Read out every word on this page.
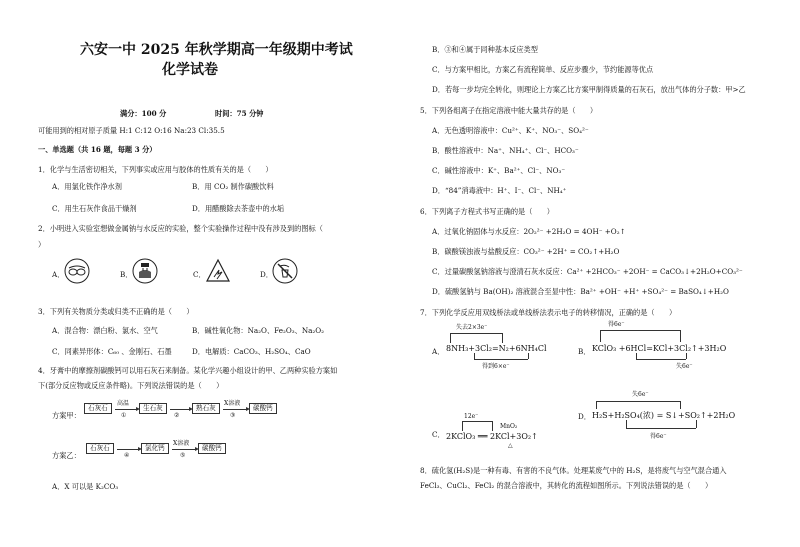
六安一中 2025 年秋学期高一年级期中考试
化学试卷
满分：100 分	时间：75 分钟
可能用到的相对原子质量 H:1 C:12 O:16 Na:23 Cl:35.5
一、单选题（共 16 题，每题 3 分）
1．化学与生活密切相关，下列事实或应用与胶体的性质有关的是（　　）
A．用氯化铁作净水剂	B．用 CO₂ 制作碳酸饮料
C．用生石灰作食品干燥剂	D．用醋酸除去茶壶中的水垢
2．小明进入实验室想做金属钠与水反应的实验，整个实验操作过程中没有涉及到的图标（
）
A．	B．	C．	D．
3．下列有关物质分类或归类不正确的是（　　）
A．混合物：漂白粉、氯水、空气	B．碱性氧化物：Na₂O、Fe₂O₃、Na₂O₂
C．同素异形体：C₆₀ 、金刚石、石墨	D．电解质：CaCO₃、H₂SO₄、CaO
4．牙膏中的摩擦剂碳酸钙可以用石灰石来制备。某化学兴趣小组设计的甲、乙两种实验方案如
下(部分反应物或反应条件略)。下列说法错误的是（　　）
方案甲：
石灰石
高温
①
生石灰
②
熟石灰
X溶液
③
碳酸钙
方案乙：
石灰石
④
氯化钙
X溶液
⑤
碳酸钙
A．X 可以是 K₂CO₃
B．③和④属于同种基本反应类型
C．与方案甲相比，方案乙有流程简单、反应步骤少，节约能源等优点
D．若每一步均完全转化，则理论上方案乙比方案甲制得质量的石灰石，放出气体的分子数：甲>乙
5．下列各组离子在指定溶液中能大量共存的是（　　）
A．无色透明溶液中：Cu²⁺、K⁺、NO₃⁻、SO₄²⁻
B．酸性溶液中：Na⁺、NH₄⁺、Cl⁻、HCO₃⁻
C．碱性溶液中：K⁺、Ba²⁺、Cl⁻、NO₃⁻
D．“84”消毒液中：H⁺、I⁻、Cl⁻、NH₄⁺
6．下列离子方程式书写正确的是（　　）
A．过氧化钠固体与水反应：2O₂²⁻ +2H₂O = 4OH⁻ +O₂↑
B．碳酸镁浊液与盐酸反应：CO₃²⁻ +2H⁺ = CO₂↑+H₂O
C．过量碳酸氢钠溶液与澄清石灰水反应：Ca²⁺ +2HCO₃⁻ +2OH⁻ = CaCO₃↓+2H₂O+CO₃²⁻
D．硫酸氢钠与 Ba(OH)₂ 溶液混合至显中性：Ba²⁺ +OH⁻ +H⁺ +SO₄²⁻ = BaSO₄↓+H₂O
7．下列化学反应用双线桥法或单线桥法表示电子的转移情况，正确的是（　　）
A．
失去2×3e⁻
8NH₃+3Cl₂=N₂+6NH₄Cl
得到6×e⁻
B．
得6e⁻
KClO₃ +6HCl=KCl+3Cl₂↑+3H₂O
失6e⁻
C．
12e⁻
MnO₂
2KClO₃ ══ 2KCl+3O₂↑
△
D．
失6e⁻
H₂S+H₂SO₄(浓) = S↓+SO₂↑+2H₂O
得6e⁻
8．硫化氢(H₂S)是一种有毒、有害的不良气体。处理某废气中的 H₂S，是将废气与空气混合通入
FeCl₃、CuCl₂、FeCl₂ 的混合溶液中，其转化的流程如图所示。下列说法错误的是（　　）
